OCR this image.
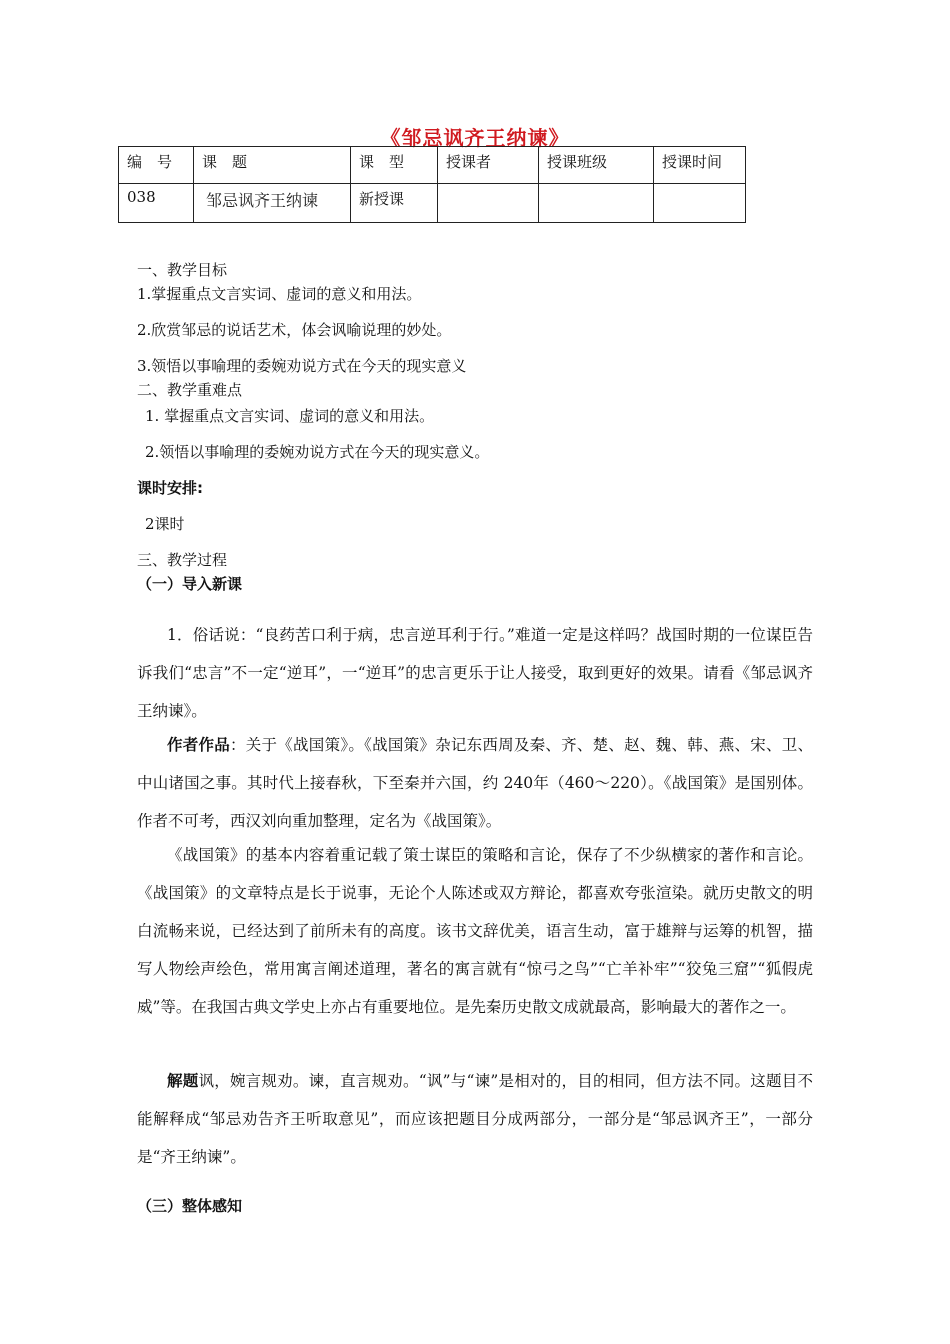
《邹忌讽齐王纳谏》
编　号	课　题	课　型	授课者	授课班级	授课时间
038	邹忌讽齐王纳谏	新授课			
一、教学目标
1.掌握重点文言实词、虚词的意义和用法。
2.欣赏邹忌的说话艺术，体会讽喻说理的妙处。
3.领悟以事喻理的委婉劝说方式在今天的现实意义
二、教学重难点
1. 掌握重点文言实词、虚词的意义和用法。
2.领悟以事喻理的委婉劝说方式在今天的现实意义。
课时安排:
2课时
三、教学过程
（一）导入新课
1．俗话说：“良药苦口利于病，忠言逆耳利于行。”难道一定是这样吗？战国时期的一位谋臣告诉我们“忠言”不一定“逆耳”，一“逆耳”的忠言更乐于让人接受，取到更好的效果。请看《邹忌讽齐王纳谏》。
作者作品：关于《战国策》。《战国策》杂记东西周及秦、齐、楚、赵、魏、韩、燕、宋、卫、中山诸国之事。其时代上接春秋，下至秦并六国，约 240年（460～220）。《战国策》是国别体。作者不可考，西汉刘向重加整理，定名为《战国策》。
《战国策》的基本内容着重记载了策士谋臣的策略和言论，保存了不少纵横家的著作和言论。《战国策》的文章特点是长于说事，无论个人陈述或双方辩论，都喜欢夸张渲染。就历史散文的明白流畅来说，已经达到了前所未有的高度。该书文辞优美，语言生动，富于雄辩与运筹的机智，描写人物绘声绘色，常用寓言阐述道理，著名的寓言就有“惊弓之鸟”“亡羊补牢”“狡兔三窟”“狐假虎威”等。在我国古典文学史上亦占有重要地位。是先秦历史散文成就最高，影响最大的著作之一。
解题讽，婉言规劝。谏，直言规劝。“讽”与“谏”是相对的，目的相同，但方法不同。这题目不能解释成“邹忌劝告齐王听取意见”，而应该把题目分成两部分，一部分是“邹忌讽齐王”，一部分是“齐王纳谏”。
（三）整体感知
